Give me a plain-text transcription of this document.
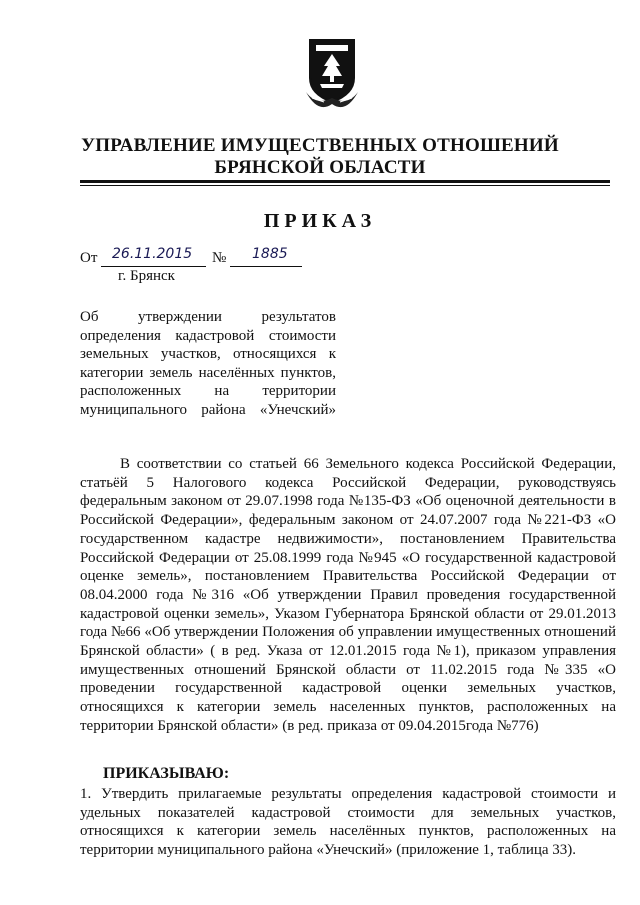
УПРАВЛЕНИЕ ИМУЩЕСТВЕННЫХ ОТНОШЕНИЙ
БРЯНСКОЙ ОБЛАСТИ
ПРИКАЗ
От 26.11.2015 № 1885
г. Брянск
Об утверждении результатов определения кадастровой стоимости земельных участков, относящихся к категории земель населённых пунктов, расположенных на территории муниципального района «Унечский»
В соответствии со статьей 66 Земельного кодекса Российской Федерации, статьёй 5 Налогового кодекса Российской Федерации, руководствуясь федеральным законом от 29.07.1998 года №135-ФЗ «Об оценочной деятельности в Российской Федерации», федеральным законом от 24.07.2007 года №221-ФЗ «О государственном кадастре недвижимости», постановлением Правительства Российской Федерации от 25.08.1999 года №945 «О государственной кадастровой оценке земель», постановлением Правительства Российской Федерации от 08.04.2000 года №316 «Об утверждении Правил проведения государственной кадастровой оценки земель», Указом Губернатора Брянской области от 29.01.2013 года №66 «Об утверждении Положения об управлении имущественных отношений Брянской области» ( в ред. Указа от 12.01.2015 года №1), приказом управления имущественных отношений Брянской области от 11.02.2015 года №335 «О проведении государственной кадастровой оценки земельных участков, относящихся к категории земель населенных пунктов, расположенных на территории Брянской области» (в ред. приказа от 09.04.2015года №776)
ПРИКАЗЫВАЮ:
1. Утвердить прилагаемые результаты определения кадастровой стоимости и удельных показателей кадастровой стоимости для земельных участков, относящихся к категории земель населённых пунктов, расположенных на территории муниципального района «Унечский» (приложение 1, таблица 33).
